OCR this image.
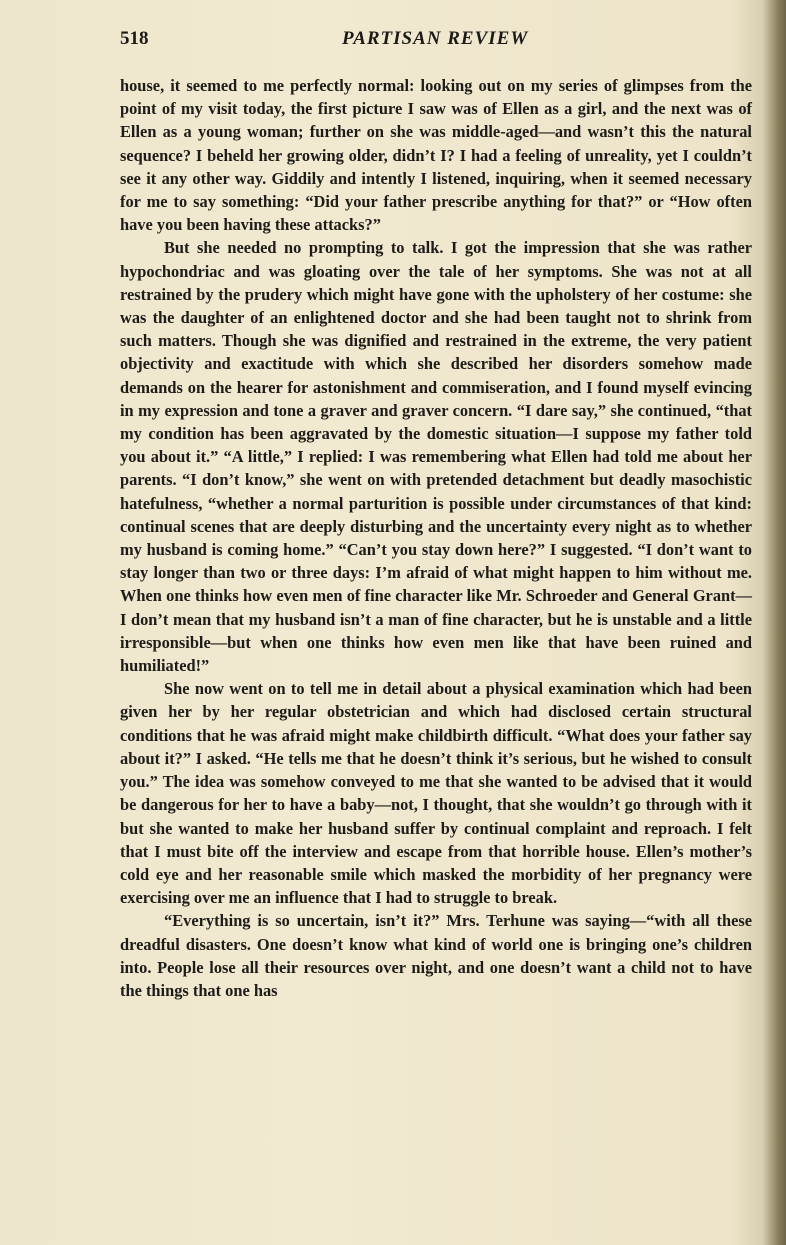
518	PARTISAN REVIEW

house, it seemed to me perfectly normal: looking out on my series of glimpses from the point of my visit today, the first picture I saw was of Ellen as a girl, and the next was of Ellen as a young woman; further on she was middle-aged—and wasn’t this the natural sequence? I beheld her growing older, didn’t I? I had a feeling of unreality, yet I couldn’t see it any other way. Giddily and intently I listened, inquiring, when it seemed necessary for me to say something: “Did your father prescribe anything for that?” or “How often have you been having these attacks?”

But she needed no prompting to talk. I got the impression that she was rather hypochondriac and was gloating over the tale of her symptoms. She was not at all restrained by the prudery which might have gone with the upholstery of her costume: she was the daughter of an enlightened doctor and she had been taught not to shrink from such matters. Though she was dignified and restrained in the extreme, the very patient objectivity and exactitude with which she described her disorders somehow made demands on the hearer for astonishment and commiseration, and I found myself evincing in my expression and tone a graver and graver concern. “I dare say,” she continued, “that my condition has been aggravated by the domestic situation—I suppose my father told you about it.” “A little,” I replied: I was remembering what Ellen had told me about her parents. “I don’t know,” she went on with pretended detachment but deadly masochistic hatefulness, “whether a normal parturition is possible under circumstances of that kind: continual scenes that are deeply disturbing and the uncertainty every night as to whether my husband is coming home.” “Can’t you stay down here?” I suggested. “I don’t want to stay longer than two or three days: I’m afraid of what might happen to him without me. When one thinks how even men of fine character like Mr. Schroeder and General Grant—I don’t mean that my husband isn’t a man of fine character, but he is unstable and a little irresponsible—but when one thinks how even men like that have been ruined and humiliated!”

She now went on to tell me in detail about a physical examination which had been given her by her regular obstetrician and which had disclosed certain structural conditions that he was afraid might make childbirth difficult. “What does your father say about it?” I asked. “He tells me that he doesn’t think it’s serious, but he wished to consult you.” The idea was somehow conveyed to me that she wanted to be advised that it would be dangerous for her to have a baby—not, I thought, that she wouldn’t go through with it but she wanted to make her husband suffer by continual complaint and reproach. I felt that I must bite off the interview and escape from that horrible house. Ellen’s mother’s cold eye and her reasonable smile which masked the morbidity of her pregnancy were exercising over me an influence that I had to struggle to break.

“Everything is so uncertain, isn’t it?” Mrs. Terhune was saying—“with all these dreadful disasters. One doesn’t know what kind of world one is bringing one’s children into. People lose all their resources over night, and one doesn’t want a child not to have the things that one has
